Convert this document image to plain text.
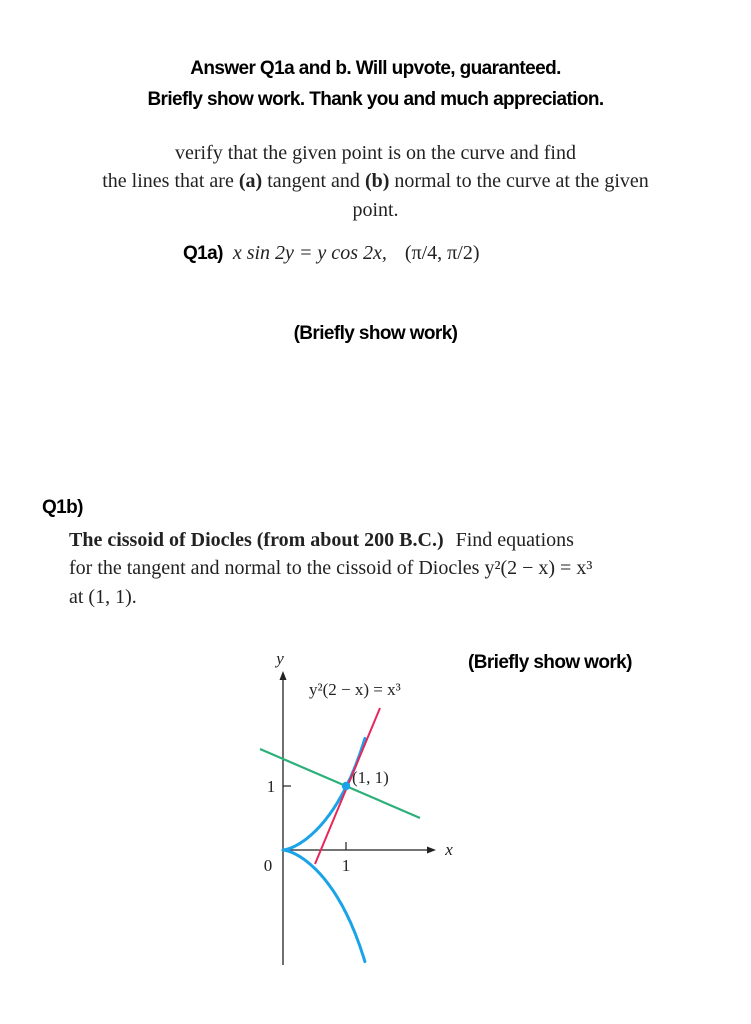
Answer Q1a and b. Will upvote, guaranteed.
Briefly show work. Thank you and much appreciation.
verify that the given point is on the curve and find
the lines that are (a) tangent and (b) normal to the curve at the given
point.
Q1a) x sin 2y = y cos 2x, (π/4, π/2)
(Briefly show work)
Q1b)
The cissoid of Diocles (from about 200 B.C.) Find equations
for the tangent and normal to the cissoid of Diocles y²(2 − x) = x³
at (1, 1).
(Briefly show work)
y
x
y²(2 − x) = x³
(1, 1)
1
1
0
